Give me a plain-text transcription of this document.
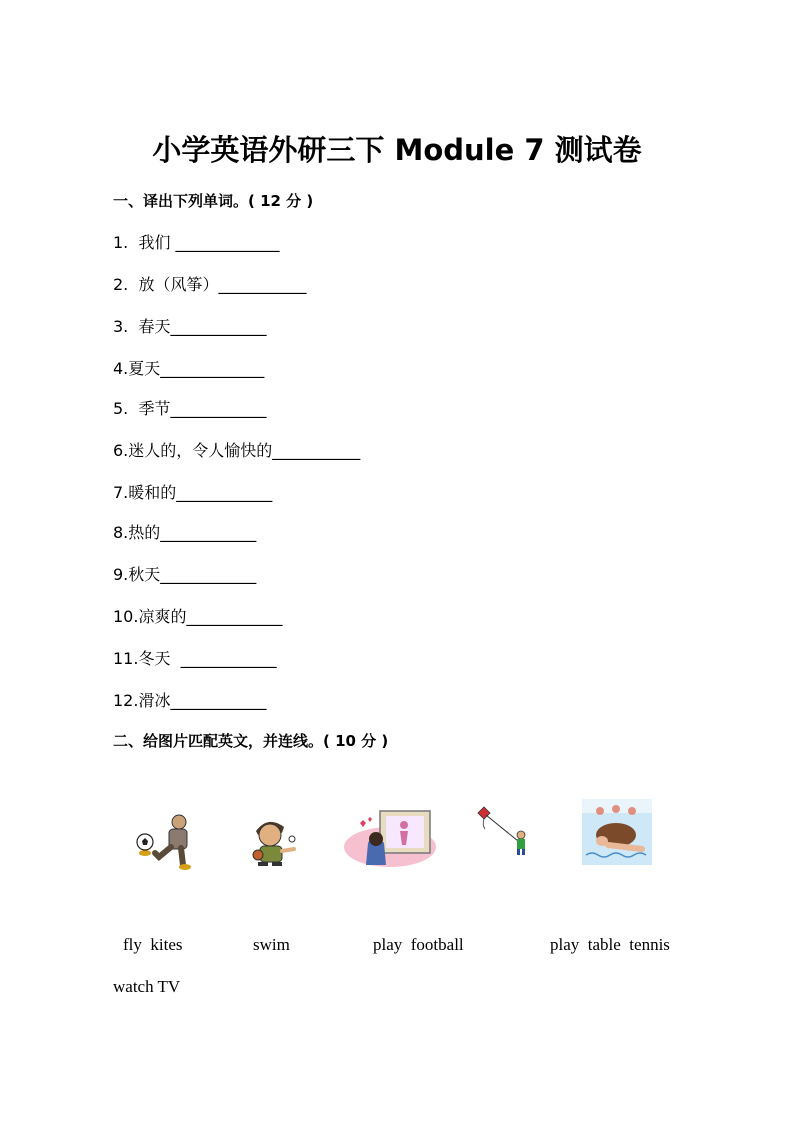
小学英语外研三下 Module 7 测试卷
一、译出下列单词。( 12 分 )
1.  我们 _____________
2.  放（风筝）___________
3.  春天____________
4.夏天_____________
5.  季节____________
6.迷人的，令人愉快的___________
7.暖和的____________
8.热的____________
9.秋天____________
10.凉爽的____________
11.冬天  ____________
12.滑冰____________
二、给图片匹配英文，并连线。( 10 分 )
fly  kites	swim	play  football	play  table  tennis
watch TV
